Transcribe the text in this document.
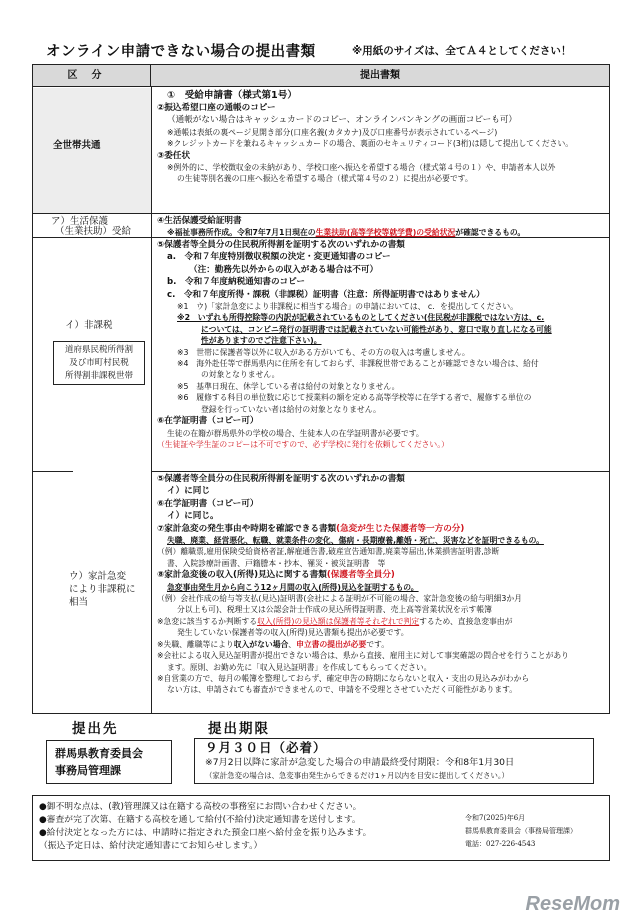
オンライン申請できない場合の提出書類	※用紙のサイズは、全てＡ４としてください！
区分	提出書類
全世帯共通
ア）生活保護
（生業扶助）受給
イ）非課税
道府県民税所得割
及び市町村民税
所得割非課税世帯
ウ）家計急変
により非課税に
相当
①　受給申請書（様式第1号）
②振込希望口座の通帳のコピー
（通帳がない場合はキャッシュカードのコピー、オンラインバンキングの画面コピーも可）
※通帳は表紙の裏ページ見開き部分(口座名義(カタカナ)及び口座番号が表示されているページ)
※クレジットカードを兼ねるキャッシュカードの場合、裏面のセキュリティコード(3桁)は隠して提出してください。
③委任状
※例外的に、学校徴収金の未納があり、学校口座へ振込を希望する場合（様式第４号の１）や、申請者本人以外
の生徒等別名義の口座へ振込を希望する場合（様式第４号の２）に提出が必要です。
④生活保護受給証明書
※福祉事務所作成。令和7年7月1日現在の生業扶助(高等学校等就学費)の受給状況が確認できるもの。
⑤保護者等全員分の住民税所得割を証明する次のいずれかの書類
a.　令和７年度特別徴収税額の決定・変更通知書のコピー
（注：勤務先以外からの収入がある場合は不可）
b.　令和７年度納税通知書のコピー
c.　令和７年度所得・課税（非課税）証明書（注意：所得証明書ではありません）
※1　ウ)「家計急変により非課税に相当する場合」の申請においては、 c．を提出してください。
※2　いずれも所得控除等の内訳が記載されているものとしてください(住民税が非課税ではない方は、c.
については、コンビニ発行の証明書では記載されていない可能性があり、窓口で取り直しになる可能
性がありますのでご注意下さい)。
※3　世帯に保護者等以外に収入がある方がいても、その方の収入は考慮しません。
※4　海外赴任等で群馬県内に住所を有しておらず、非課税世帯であることが確認できない場合は、給付
の対象となりません。
※5　基準日現在、休学している者は給付の対象となりません。
※6　履修する科目の単位数に応じて授業料の額を定める高等学校等に在学する者で、履修する単位の
登録を行っていない者は給付の対象となりません。
⑥在学証明書（コピー可）
生徒の在籍が群馬県外の学校の場合、生徒本人の在学証明書が必要です。
（生徒証や学生証のコピーは不可ですので、必ず学校に発行を依頼してください。）
⑤保護者等全員分の住民税所得割を証明する次のいずれかの書類
イ）に同じ
⑥在学証明書（コピー可）
イ）に同じ。
⑦家計急変の発生事由や時期を確認できる書類(急変が生じた保護者等一方の分)
失職、廃業、経営悪化、転職、就業条件の変化、傷病・長期療養,離婚・死亡、災害などを証明できるもの。
（例）離職票,雇用保険受給資格者証,解雇通告書,破産宣告通知書,廃業等届出,休業損害証明書,診断
書、入院診療計画書、戸籍謄本・抄本、罹災・被災証明書　等
⑧家計急変後の収入(所得)見込に関する書類(保護者等全員分)
急変事由発生月から向こう12ヶ月間の収入(所得)見込を証明するもの。
（例）会社作成の給与等支払(見込)証明書(会社による証明が不可能の場合、家計急変後の給与明細3か月
分以上も可)、税理士又は公認会計士作成の見込所得証明書、売上高等営業状況を示す帳簿
※急変に該当するか判断する収入(所得)の見込額は保護者等それぞれで判定するため、直接急変事由が
発生していない保護者等の収入(所得)見込書類も提出が必要です。
※失職、離職等により収入がない場合、申立書の提出が必要です。
※会社による収入見込証明書が提出できない場合は、県から直接、雇用主に対して事実確認の問合せを行うことがあり
ます。原則、お勤め先に「収入見込証明書」を作成してもらってください。
※自営業の方で、毎月の帳簿を整理しておらず、確定申告の時期にならないと収入・支出の見込みがわから
ない方は、申請されても審査ができませんので、申請を不受理とさせていただく可能性があります。
提出先
群馬県教育委員会
事務局管理課
提出期限
９月３０日（必着）
※7月2日以降に家計が急変した場合の申請最終受付期限：令和8年1月30日
（家計急変の場合は、急変事由発生からできるだけ1ヶ月以内を目安に提出してください。）
●御不明な点は、(教)管理課又は在籍する高校の事務室にお問い合わせください。
●審査が完了次第、在籍する高校を通して給付(不給付)決定通知書を送付します。
●給付決定となった方には、申請時に指定された預金口座へ給付金を振り込みます。
（振込予定日は、給付決定通知書にてお知らせします。）
令和7(2025)年6月
群馬県教育委員会（事務局管理課）
電話：027-226-4543
ReseMom
